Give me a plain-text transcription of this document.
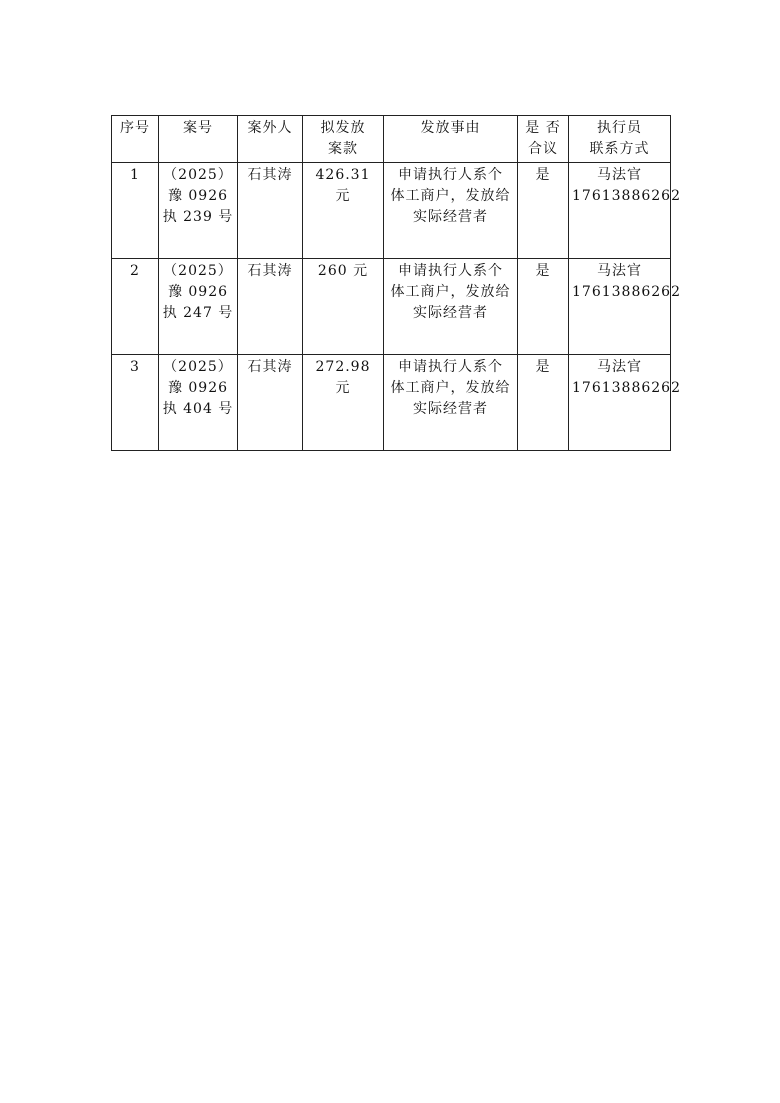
序号	案号	案外人	拟发放
案款	发放事由	是 否
合议	执行员
联系方式

1	（2025）
豫 0926
执 239 号	石其涛	426.31 元	申请执行人系个
体工商户，发放给
实际经营者	是	马法官
17613886262

2	（2025）
豫 0926
执 247 号	石其涛	260 元	申请执行人系个
体工商户，发放给
实际经营者	是	马法官
17613886262

3	（2025）
豫 0926
执 404 号	石其涛	272.98 元	申请执行人系个
体工商户，发放给
实际经营者	是	马法官
17613886262
